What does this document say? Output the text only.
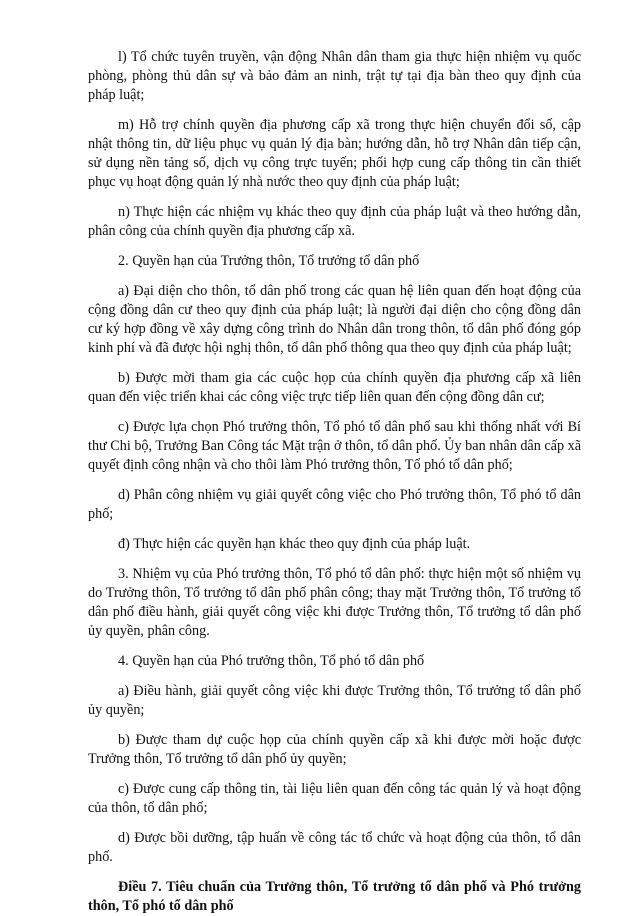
l) Tổ chức tuyên truyền, vận động Nhân dân tham gia thực hiện nhiệm vụ quốc phòng, phòng thủ dân sự và bảo đảm an ninh, trật tự tại địa bàn theo quy định của pháp luật;

m) Hỗ trợ chính quyền địa phương cấp xã trong thực hiện chuyển đổi số, cập nhật thông tin, dữ liệu phục vụ quản lý địa bàn; hướng dẫn, hỗ trợ Nhân dân tiếp cận, sử dụng nền tảng số, dịch vụ công trực tuyến; phối hợp cung cấp thông tin cần thiết phục vụ hoạt động quản lý nhà nước theo quy định của pháp luật;

n) Thực hiện các nhiệm vụ khác theo quy định của pháp luật và theo hướng dẫn, phân công của chính quyền địa phương cấp xã.

2. Quyền hạn của Trưởng thôn, Tổ trưởng tổ dân phố

a) Đại diện cho thôn, tổ dân phố trong các quan hệ liên quan đến hoạt động của cộng đồng dân cư theo quy định của pháp luật; là người đại diện cho cộng đồng dân cư ký hợp đồng về xây dựng công trình do Nhân dân trong thôn, tổ dân phố đóng góp kinh phí và đã được hội nghị thôn, tổ dân phố thông qua theo quy định của pháp luật;

b) Được mời tham gia các cuộc họp của chính quyền địa phương cấp xã liên quan đến việc triển khai các công việc trực tiếp liên quan đến cộng đồng dân cư;

c) Được lựa chọn Phó trưởng thôn, Tổ phó tổ dân phố sau khi thống nhất với Bí thư Chi bộ, Trưởng Ban Công tác Mặt trận ở thôn, tổ dân phố. Ủy ban nhân dân cấp xã quyết định công nhận và cho thôi làm Phó trưởng thôn, Tổ phó tổ dân phố;

d) Phân công nhiệm vụ giải quyết công việc cho Phó trưởng thôn, Tổ phó tổ dân phố;

đ) Thực hiện các quyền hạn khác theo quy định của pháp luật.

3. Nhiệm vụ của Phó trưởng thôn, Tổ phó tổ dân phố: thực hiện một số nhiệm vụ do Trưởng thôn, Tổ trưởng tổ dân phố phân công; thay mặt Trưởng thôn, Tổ trưởng tổ dân phố điều hành, giải quyết công việc khi được Trưởng thôn, Tổ trưởng tổ dân phố ủy quyền, phân công.

4. Quyền hạn của Phó trưởng thôn, Tổ phó tổ dân phố

a) Điều hành, giải quyết công việc khi được Trưởng thôn, Tổ trưởng tổ dân phố ủy quyền;

b) Được tham dự cuộc họp của chính quyền cấp xã khi được mời hoặc được Trưởng thôn, Tổ trưởng tổ dân phố ủy quyền;

c) Được cung cấp thông tin, tài liệu liên quan đến công tác quản lý và hoạt động của thôn, tổ dân phố;

d) Được bồi dưỡng, tập huấn về công tác tổ chức và hoạt động của thôn, tổ dân phố.

Điều 7. Tiêu chuẩn của Trưởng thôn, Tổ trưởng tổ dân phố và Phó trưởng thôn, Tổ phó tổ dân phố
